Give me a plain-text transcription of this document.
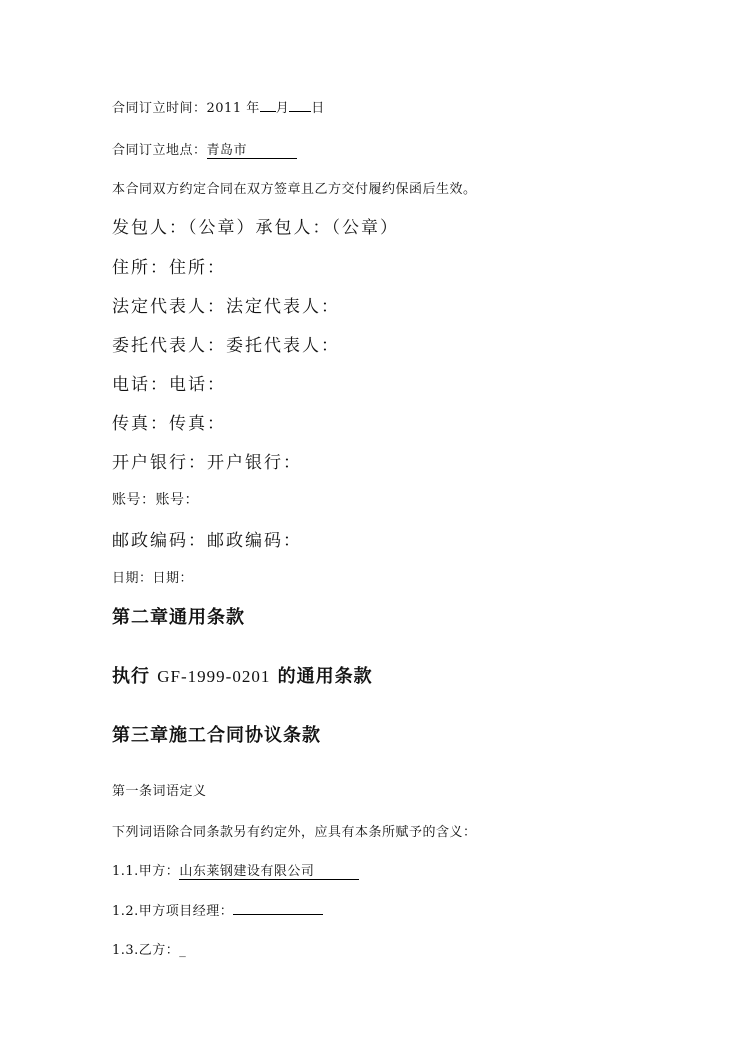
合同订立时间：2011 年 月 日
合同订立地点：青岛市
本合同双方约定合同在双方签章且乙方交付履约保函后生效。
发包人：（公章）承包人：（公章）
住所：住所：
法定代表人：法定代表人：
委托代表人：委托代表人：
电话：电话：
传真：传真：
开户银行：开户银行：
账号：账号：
邮政编码：邮政编码：
日期：日期：
第二章通用条款
执行 GF-1999-0201 的通用条款
第三章施工合同协议条款
第一条词语定义
下列词语除合同条款另有约定外，应具有本条所赋予的含义：
1.1.甲方：山东莱钢建设有限公司
1.2.甲方项目经理：
1.3.乙方：_
